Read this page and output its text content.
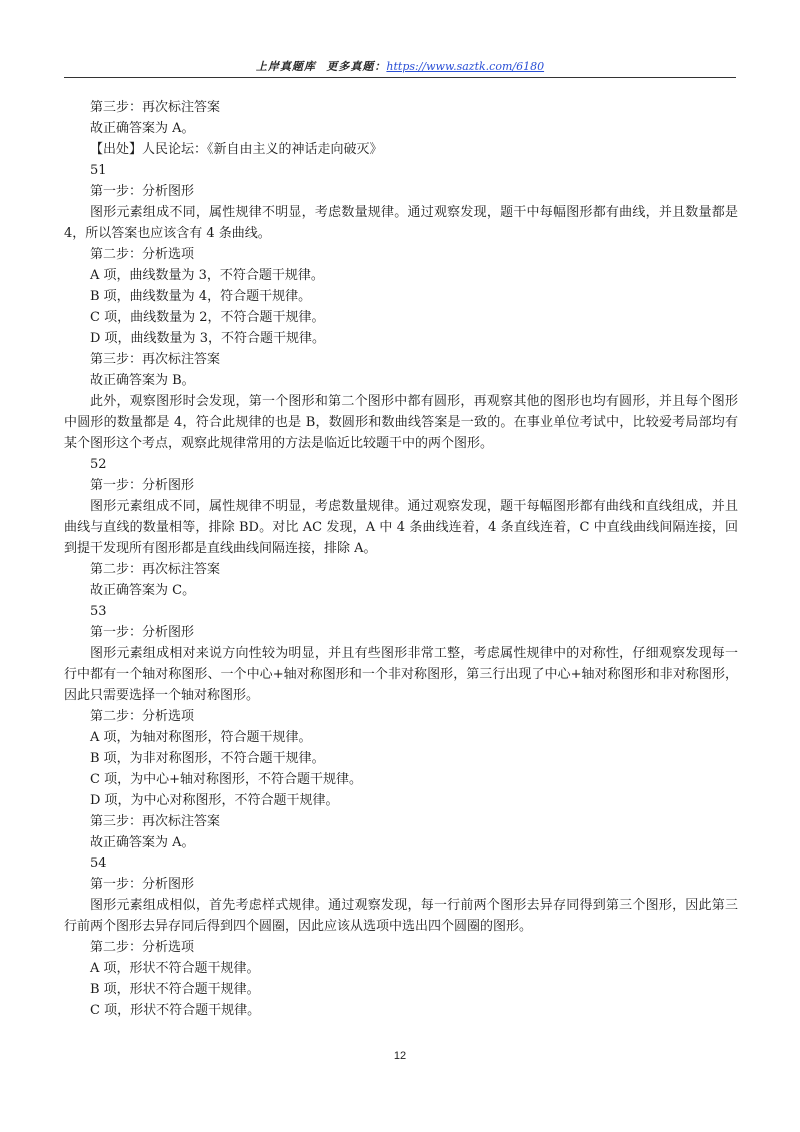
上岸真题库 更多真题：https://www.saztk.com/6180

第三步：再次标注答案

故正确答案为 A。

【出处】人民论坛：《新自由主义的神话走向破灭》

51

第一步：分析图形

图形元素组成不同，属性规律不明显，考虑数量规律。通过观察发现，题干中每幅图形都有曲线，并且数量都是 4，所以答案也应该含有 4 条曲线。

第二步：分析选项

A 项，曲线数量为 3，不符合题干规律。

B 项，曲线数量为 4，符合题干规律。

C 项，曲线数量为 2，不符合题干规律。

D 项，曲线数量为 3，不符合题干规律。

第三步：再次标注答案

故正确答案为 B。

此外，观察图形时会发现，第一个图形和第二个图形中都有圆形，再观察其他的图形也均有圆形，并且每个图形中圆形的数量都是 4，符合此规律的也是 B，数圆形和数曲线答案是一致的。在事业单位考试中，比较爱考局部均有某个图形这个考点，观察此规律常用的方法是临近比较题干中的两个图形。

52

第一步：分析图形

图形元素组成不同，属性规律不明显，考虑数量规律。通过观察发现，题干每幅图形都有曲线和直线组成，并且曲线与直线的数量相等，排除 BD。对比 AC 发现，A 中 4 条曲线连着，4 条直线连着，C 中直线曲线间隔连接，回到提干发现所有图形都是直线曲线间隔连接，排除 A。

第二步：再次标注答案

故正确答案为 C。

53

第一步：分析图形

图形元素组成相对来说方向性较为明显，并且有些图形非常工整，考虑属性规律中的对称性，仔细观察发现每一行中都有一个轴对称图形、一个中心+轴对称图形和一个非对称图形，第三行出现了中心+轴对称图形和非对称图形，因此只需要选择一个轴对称图形。

第二步：分析选项

A 项，为轴对称图形，符合题干规律。

B 项，为非对称图形，不符合题干规律。

C 项，为中心+轴对称图形，不符合题干规律。

D 项，为中心对称图形，不符合题干规律。

第三步：再次标注答案

故正确答案为 A。

54

第一步：分析图形

图形元素组成相似，首先考虑样式规律。通过观察发现，每一行前两个图形去异存同得到第三个图形，因此第三行前两个图形去异存同后得到四个圆圈，因此应该从选项中选出四个圆圈的图形。

第二步：分析选项

A 项，形状不符合题干规律。

B 项，形状不符合题干规律。

C 项，形状不符合题干规律。

12
